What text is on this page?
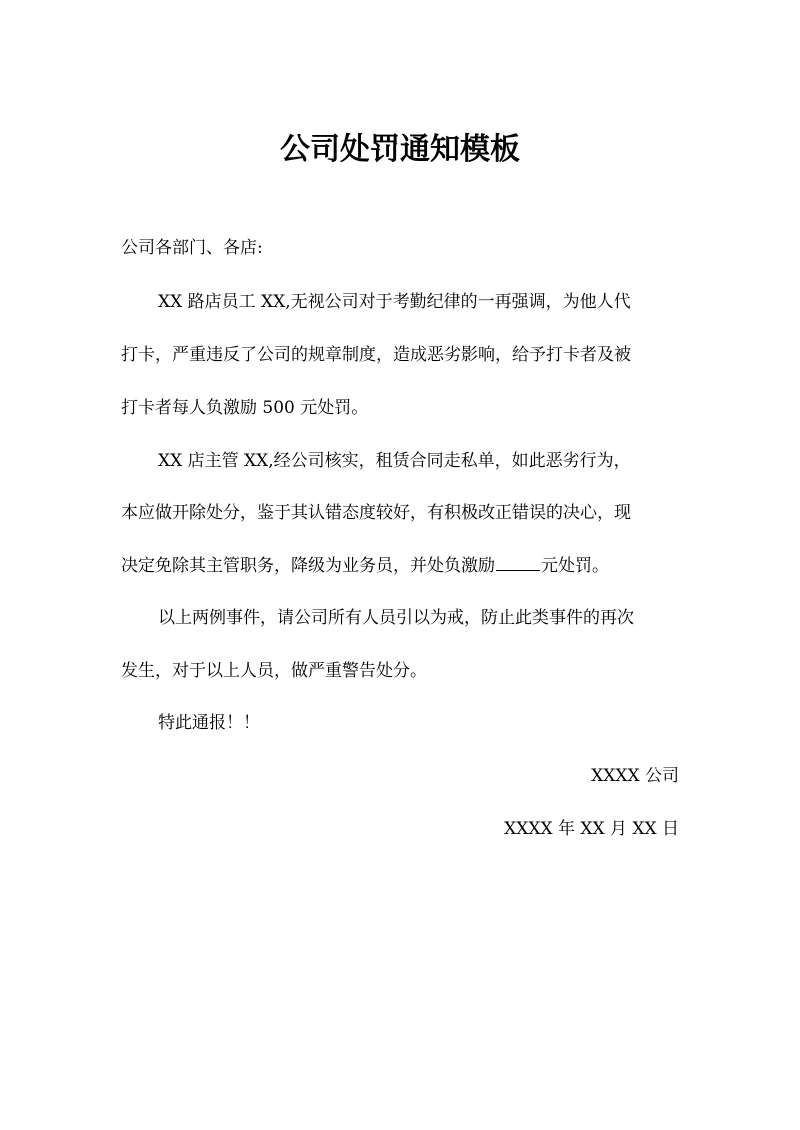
公司处罚通知模板
公司各部门、各店:
XX 路店员工 XX,无视公司对于考勤纪律的一再强调，为他人代
打卡，严重违反了公司的规章制度，造成恶劣影响，给予打卡者及被
打卡者每人负激励 500 元处罚。
XX 店主管 XX,经公司核实，租赁合同走私单，如此恶劣行为，
本应做开除处分，鉴于其认错态度较好，有积极改正错误的决心，现
决定免除其主管职务，降级为业务员，并处负激励	元处罚。
以上两例事件，请公司所有人员引以为戒，防止此类事件的再次
发生，对于以上人员，做严重警告处分。
特此通报！！
XXXX 公司
XXXX 年 XX 月 XX 日
